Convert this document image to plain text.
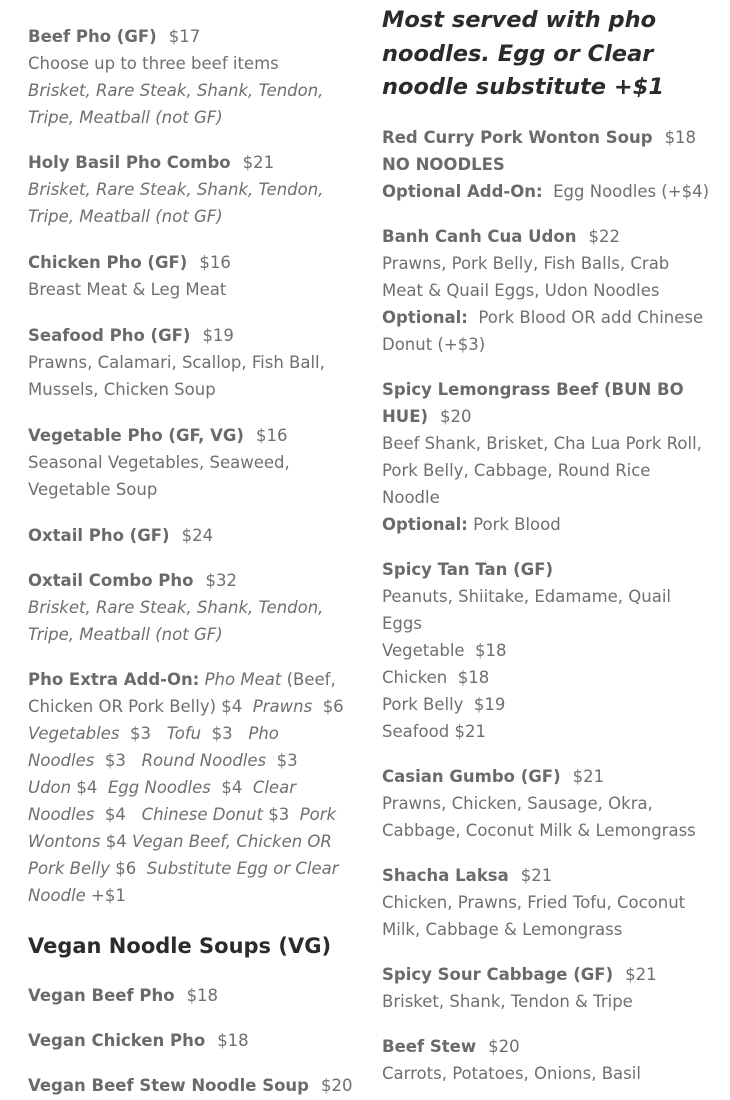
Beef Pho (GF) $17

Choose up to three beef items

Brisket, Rare Steak, Shank, Tendon,

Tripe, Meatball (not GF)

Holy Basil Pho Combo $21

Brisket, Rare Steak, Shank, Tendon,

Tripe, Meatball (not GF)

Chicken Pho (GF) $16

Breast Meat & Leg Meat

Seafood Pho (GF) $19

Prawns, Calamari, Scallop, Fish Ball,

Mussels, Chicken Soup

Vegetable Pho (GF, VG) $16

Seasonal Vegetables, Seaweed,

Vegetable Soup

Oxtail Pho (GF) $24

Oxtail Combo Pho $32

Brisket, Rare Steak, Shank, Tendon,

Tripe, Meatball (not GF)

Pho Extra Add-On: Pho Meat (Beef,

Chicken OR Pork Belly) $4 Prawns $6

Vegetables $3 Tofu $3 Pho

Noodles $3 Round Noodles $3

Udon $4 Egg Noodles $4 Clear

Noodles $4 Chinese Donut $3 Pork

Wontons $4 Vegan Beef, Chicken OR

Pork Belly $6 Substitute Egg or Clear

Noodle +$1

Vegan Noodle Soups (VG)

Vegan Beef Pho $18

Vegan Chicken Pho $18

Vegan Beef Stew Noodle Soup $20

Most served with pho
noodles. Egg or Clear
noodle substitute +$1

Red Curry Pork Wonton Soup $18

NO NOODLES

Optional Add-On: Egg Noodles (+$4)

Banh Canh Cua Udon $22

Prawns, Pork Belly, Fish Balls, Crab

Meat & Quail Eggs, Udon Noodles

Optional: Pork Blood OR add Chinese

Donut (+$3)

Spicy Lemongrass Beef (BUN BO

HUE) $20

Beef Shank, Brisket, Cha Lua Pork Roll,

Pork Belly, Cabbage, Round Rice

Noodle

Optional: Pork Blood

Spicy Tan Tan (GF)

Peanuts, Shiitake, Edamame, Quail

Eggs

Vegetable  $18

Chicken  $18

Pork Belly  $19

Seafood $21

Casian Gumbo (GF) $21

Prawns, Chicken, Sausage, Okra,

Cabbage, Coconut Milk & Lemongrass

Shacha Laksa $21

Chicken, Prawns, Fried Tofu, Coconut

Milk, Cabbage & Lemongrass

Spicy Sour Cabbage (GF) $21

Brisket, Shank, Tendon & Tripe

Beef Stew $20

Carrots, Potatoes, Onions, Basil
